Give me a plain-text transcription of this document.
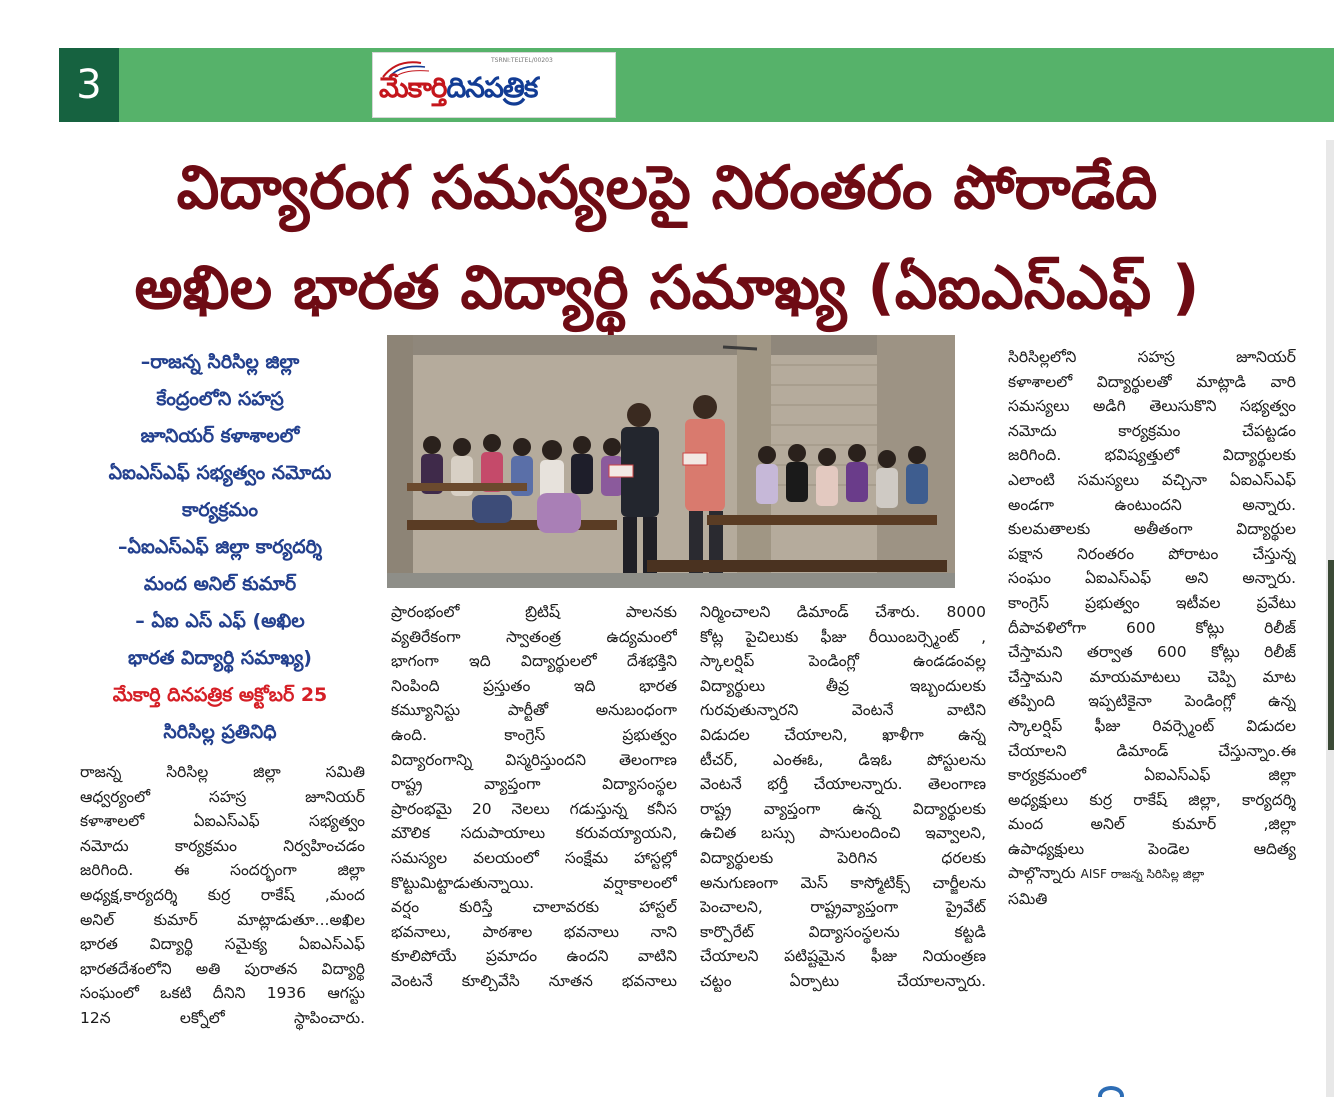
3
TSRNI:TELTEL/00203
మేకార్తిదినపత్రిక
విద్యారంగ సమస్యలపై నిరంతరం పోరాడేది
అఖిల భారత విద్యార్థి సమాఖ్య (ఏఐఎస్ఎఫ్ )
–రాజన్న సిరిసిల్ల జిల్లా
కేంద్రంలోని సహస్ర
జూనియర్ కళాశాలలో
ఏఐఎస్ఎఫ్ సభ్యత్వం నమోదు
కార్యక్రమం
–ఏఐఎస్ఎఫ్ జిల్లా కార్యదర్శి
మంద అనిల్ కుమార్
– ఏఐ ఎస్ ఎఫ్ (అఖిల
భారత విద్యార్థి సమాఖ్య)
మేకార్తి దినపత్రిక అక్టోబర్ 25
సిరిసిల్ల ప్రతినిధి
రాజన్న సిరిసిల్ల జిల్లా సమితి
ఆధ్వర్యంలో సహస్ర జూనియర్
కళాశాలలో ఏఐఎస్ఎఫ్ సభ్యత్వం
నమోదు కార్యక్రమం నిర్వహించడం
జరిగింది. ఈ సందర్భంగా జిల్లా
అధ్యక్ష,కార్యదర్శి కుర్ర రాకేష్ ,మంద
అనిల్ కుమార్ మాట్లాడుతూ...అఖిల
భారత విద్యార్థి సమైక్య ఏఐఎస్ఎఫ్
భారతదేశంలోని అతి పురాతన విద్యార్థి
సంఘంలో ఒకటి దీనిని 1936 ఆగస్టు
12న లక్నోలో స్థాపించారు.
ప్రారంభంలో బ్రిటిష్ పాలనకు
వ్యతిరేకంగా స్వాతంత్ర ఉద్యమంలో
భాగంగా ఇది విద్యార్థులలో దేశభక్తిని
నింపింది ప్రస్తుతం ఇది భారత
కమ్యూనిస్టు పార్టీతో అనుబంధంగా
ఉంది. కాంగ్రెస్ ప్రభుత్వం
విద్యారంగాన్ని విస్మరిస్తుందని తెలంగాణ
రాష్ట్ర వ్యాప్తంగా విద్యాసంస్థల
ప్రారంభమై 20 నెలలు గడుస్తున్న కనీస
మౌలిక సదుపాయాలు కరువయ్యాయని,
సమస్యల వలయంలో సంక్షేమ హాస్టల్లో
కొట్టుమిట్టాడుతున్నాయి. వర్షాకాలంలో
వర్షం కురిస్తే చాలావరకు హాస్టల్
భవనాలు, పాఠశాల భవనాలు నాని
కూలిపోయే ప్రమాదం ఉందని వాటిని
వెంటనే కూల్చివేసి నూతన భవనాలు
నిర్మించాలని డిమాండ్ చేశారు. 8000
కోట్ల పైచిలుకు ఫీజు రీయింబర్స్మెంట్ ,
స్కాలర్షిప్ పెండింగ్లో ఉండడంవల్ల
విద్యార్థులు తీవ్ర ఇబ్బందులకు
గురవుతున్నారని వెంటనే వాటిని
విడుదల చేయాలని, ఖాళీగా ఉన్న
టీచర్, ఎంఈఓ, డిఇఓ పోస్టులను
వెంటనే భర్తీ చేయాలన్నారు. తెలంగాణ
రాష్ట్ర వ్యాప్తంగా ఉన్న విద్యార్థులకు
ఉచిత బస్సు పాసులందించి ఇవ్వాలని,
విద్యార్థులకు పెరిగిన ధరలకు
అనుగుణంగా మెస్ కాస్మోటిక్స్ చార్జీలను
పెంచాలని, రాష్ట్రవ్యాప్తంగా ప్రైవేట్
కార్పొరేట్ విద్యాసంస్థలను కట్టడి
చేయాలని పటిష్టమైన ఫీజు నియంత్రణ
చట్టం ఏర్పాటు చేయాలన్నారు.
సిరిసిల్లలోని సహస్ర జూనియర్
కళాశాలలో విద్యార్థులతో మాట్లాడి వారి
సమస్యలు అడిగి తెలుసుకొని సభ్యత్వం
నమోదు కార్యక్రమం చేపట్టడం
జరిగింది. భవిష్యత్తులో విద్యార్థులకు
ఎలాంటి సమస్యలు వచ్చినా ఏఐఎస్ఎఫ్
అండగా ఉంటుందని అన్నారు.
కులమతాలకు అతీతంగా విద్యార్థుల
పక్షాన నిరంతరం పోరాటం చేస్తున్న
సంఘం ఏఐఎస్ఎఫ్ అని అన్నారు.
కాంగ్రెస్ ప్రభుత్వం ఇటీవల ప్రవేటు
దీపావళిలోగా 600 కోట్లు రిలీజ్
చేస్తామని తర్వాత 600 కోట్లు రిలీజ్
చేస్తామని మాయమాటలు చెప్పి మాట
తప్పింది ఇప్పటికైనా పెండింగ్లో ఉన్న
స్కాలర్షిప్ ఫీజు రివర్స్మెంట్ విడుదల
చేయాలని డిమాండ్ చేస్తున్నాం.ఈ
కార్యక్రమంలో ఏఐఎస్ఎఫ్ జిల్లా
అధ్యక్షులు కుర్ర రాకేష్ జిల్లా, కార్యదర్శి
మంద అనిల్ కుమార్ ,జిల్లా
ఉపాధ్యక్షులు పెండెల ఆదిత్య
పాల్గొన్నారు AISF రాజన్న సిరిసిల్ల జిల్లా
సమితి
